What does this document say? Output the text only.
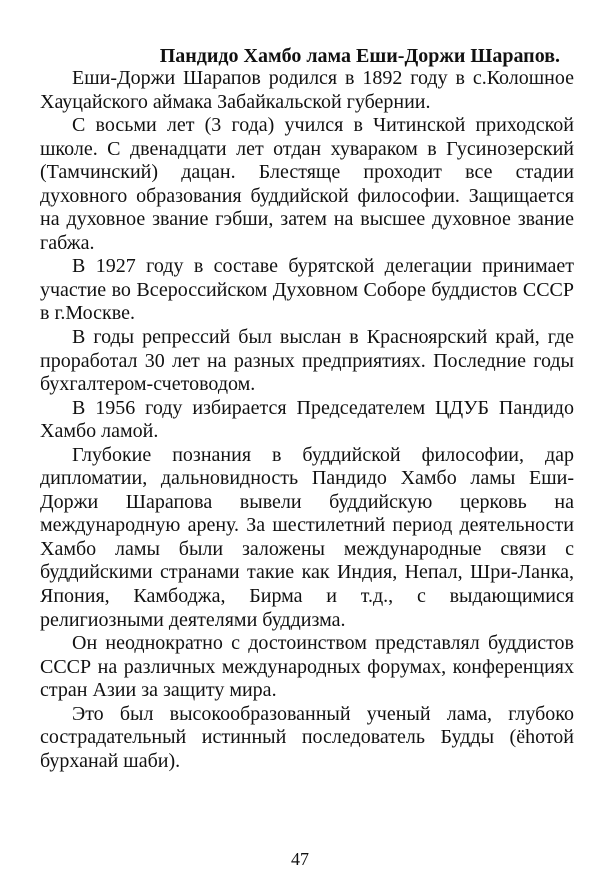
Пандидо Хамбо лама Еши-Доржи Шарапов.

Еши-Доржи Шарапов родился в 1892 году в с.Колошное Хауцайского аймака Забайкальской губернии.

С восьми лет (3 года) учился в Читинской приходской школе. С двенадцати лет отдан хувараком в Гусинозерский (Тамчинский) дацан. Блестяще проходит все стадии духовного образования буддийской философии. Защищается на духовное звание гэбши, затем на высшее духовное звание габжа.

В 1927 году в составе бурятской делегации принимает участие во Всероссийском Духовном Соборе буддистов СССР в г.Москве.

В годы репрессий был выслан в Красноярский край, где проработал 30 лет на разных предприятиях. Последние годы бухгалтером-счетоводом.

В 1956 году избирается Председателем ЦДУБ Пандидо Хамбо ламой.

Глубокие познания в буддийской философии, дар дипломатии, дальновидность Пандидо Хамбо ламы Еши-Доржи Шарапова вывели буддийскую церковь на международную арену. За шестилетний период деятельности Хамбо ламы были заложены международные связи с буддийскими странами такие как Индия, Непал, Шри-Ланка, Япония, Камбоджа, Бирма и т.д., с выдающимися религиозными деятелями буддизма.

Он неоднократно с достоинством представлял буддистов СССР на различных международных форумах, конференциях стран Азии за защиту мира.

Это был высокообразованный ученый лама, глубоко сострадательный истинный последователь Будды (ёhотой бурханай шаби).

47
